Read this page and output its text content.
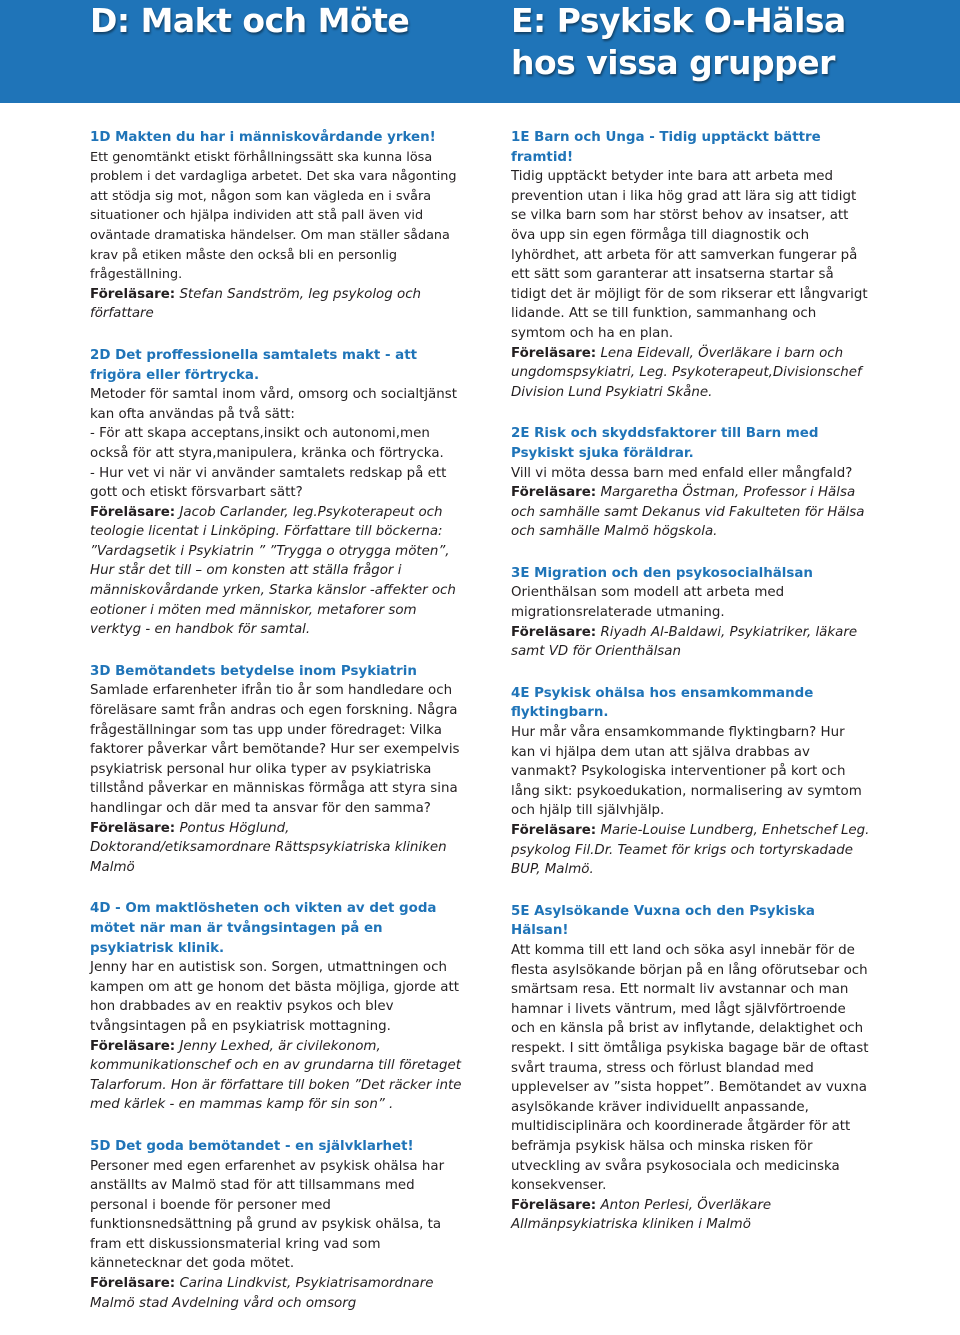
D: Makt och Möte	E: Psykisk O-Hälsa
hos vissa grupper
1D Makten du har i människovårdande yrken!
Ett genomtänkt etiskt förhållningssätt ska kunna lösa problem i det vardagliga arbetet. Det ska vara någonting att stödja sig mot, någon som kan vägleda en i svåra situationer och hjälpa individen att stå pall även vid oväntade dramatiska händelser. Om man ställer sådana krav på etiken måste den också bli en personlig frågeställning.
Föreläsare: Stefan Sandström, leg psykolog och författare
2D Det proffessionella samtalets makt - att frigöra eller förtrycka.
Metoder för samtal inom vård, omsorg och socialtjänst kan ofta användas på två sätt:
- För att skapa acceptans,insikt och autonomi,men också för att styra,manipulera, kränka och förtrycka.
- Hur vet vi när vi använder samtalets redskap på ett gott och etiskt försvarbart sätt?
Föreläsare: Jacob Carlander, leg.Psykoterapeut och teologie licentat i Linköping. Författare till böckerna: ”Vardagsetik i Psykiatrin ” ”Trygga o otrygga möten”, Hur står det till – om konsten att ställa frågor i människovårdande yrken, Starka känslor -affekter och eotioner i möten med människor, metaforer som verktyg - en handbok för samtal.
3D Bemötandets betydelse inom Psykiatrin
Samlade erfarenheter ifrån tio år som handledare och föreläsare samt från andras och egen forskning. Några frågeställningar som tas upp under föredraget: Vilka faktorer påverkar vårt bemötande? Hur ser exempelvis psykiatrisk personal hur olika typer av psykiatriska tillstånd påverkar en människas förmåga att styra sina handlingar och där med ta ansvar för den samma?
Föreläsare: Pontus Höglund, Doktorand/etiksamordnare Rättspsykiatriska kliniken Malmö
4D - Om maktlösheten och vikten av det goda mötet när man är tvångsintagen på en psykiatrisk klinik.
Jenny har en autistisk son. Sorgen, utmattningen och kampen om att ge honom det bästa möjliga, gjorde att hon drabbades av en reaktiv psykos och blev tvångsintagen på en psykiatrisk mottagning.
Föreläsare: Jenny Lexhed, är civilekonom, kommunikationschef och en av grundarna till företaget Talarforum. Hon är författare till boken ”Det räcker inte med kärlek - en mammas kamp för sin son” .
5D Det goda bemötandet - en självklarhet!
Personer med egen erfarenhet av psykisk ohälsa har anställts av Malmö stad för att tillsammans med personal i boende för personer med funktionsnedsättning på grund av psykisk ohälsa, ta fram ett diskussionsmaterial kring vad som kännetecknar det goda mötet.
Föreläsare: Carina Lindkvist, Psykiatrisamordnare Malmö stad Avdelning vård och omsorg
1E Barn och Unga - Tidig upptäckt bättre framtid!
Tidig upptäckt betyder inte bara att arbeta med prevention utan i lika hög grad att lära sig att tidigt se vilka barn som har störst behov av insatser, att öva upp sin egen förmåga till diagnostik och lyhördhet, att arbeta för att samverkan fungerar på ett sätt som garanterar att insatserna startar så tidigt det är möjligt för de som rikserar ett långvarigt lidande. Att se till funktion, sammanhang och symtom och ha en plan.
Föreläsare: Lena Eidevall, Överläkare i barn och ungdomspsykiatri, Leg. Psykoterapeut,Divisionschef Division Lund Psykiatri Skåne.
2E Risk och skyddsfaktorer till Barn med Psykiskt sjuka föräldrar.
Vill vi möta dessa barn med enfald eller mångfald?
Föreläsare: Margaretha Östman, Professor i Hälsa och samhälle samt Dekanus vid Fakulteten för Hälsa och samhälle Malmö högskola.
3E Migration och den psykosocialhälsan
Orienthälsan som modell att arbeta med migrationsrelaterade utmaning.
Föreläsare: Riyadh Al-Baldawi, Psykiatriker, läkare samt VD för Orienthälsan
4E Psykisk ohälsa hos ensamkommande flyktingbarn.
Hur mår våra ensamkommande flyktingbarn? Hur kan vi hjälpa dem utan att själva drabbas av vanmakt? Psykologiska interventioner på kort och lång sikt: psykoedukation, normalisering av symtom och hjälp till självhjälp.
Föreläsare: Marie-Louise Lundberg, Enhetschef Leg. psykolog Fil.Dr. Teamet för krigs och tortyrskadade BUP, Malmö.
5E Asylsökande Vuxna och den Psykiska Hälsan!
Att komma till ett land och söka asyl innebär för de flesta asylsökande början på en lång oförutsebar och smärtsam resa. Ett normalt liv avstannar och man hamnar i livets väntrum, med lågt självförtroende och en känsla på brist av inflytande, delaktighet och respekt. I sitt ömtåliga psykiska bagage bär de oftast svårt trauma, stress och förlust blandad med upplevelser av ”sista hoppet”. Bemötandet av vuxna asylsökande kräver individuellt anpassande, multidisciplinära och koordinerade åtgärder för att befrämja psykisk hälsa och minska risken för utveckling av svåra psykosociala och medicinska konsekvenser.
Föreläsare: Anton Perlesi, Överläkare Allmänpsykiatriska kliniken i Malmö
